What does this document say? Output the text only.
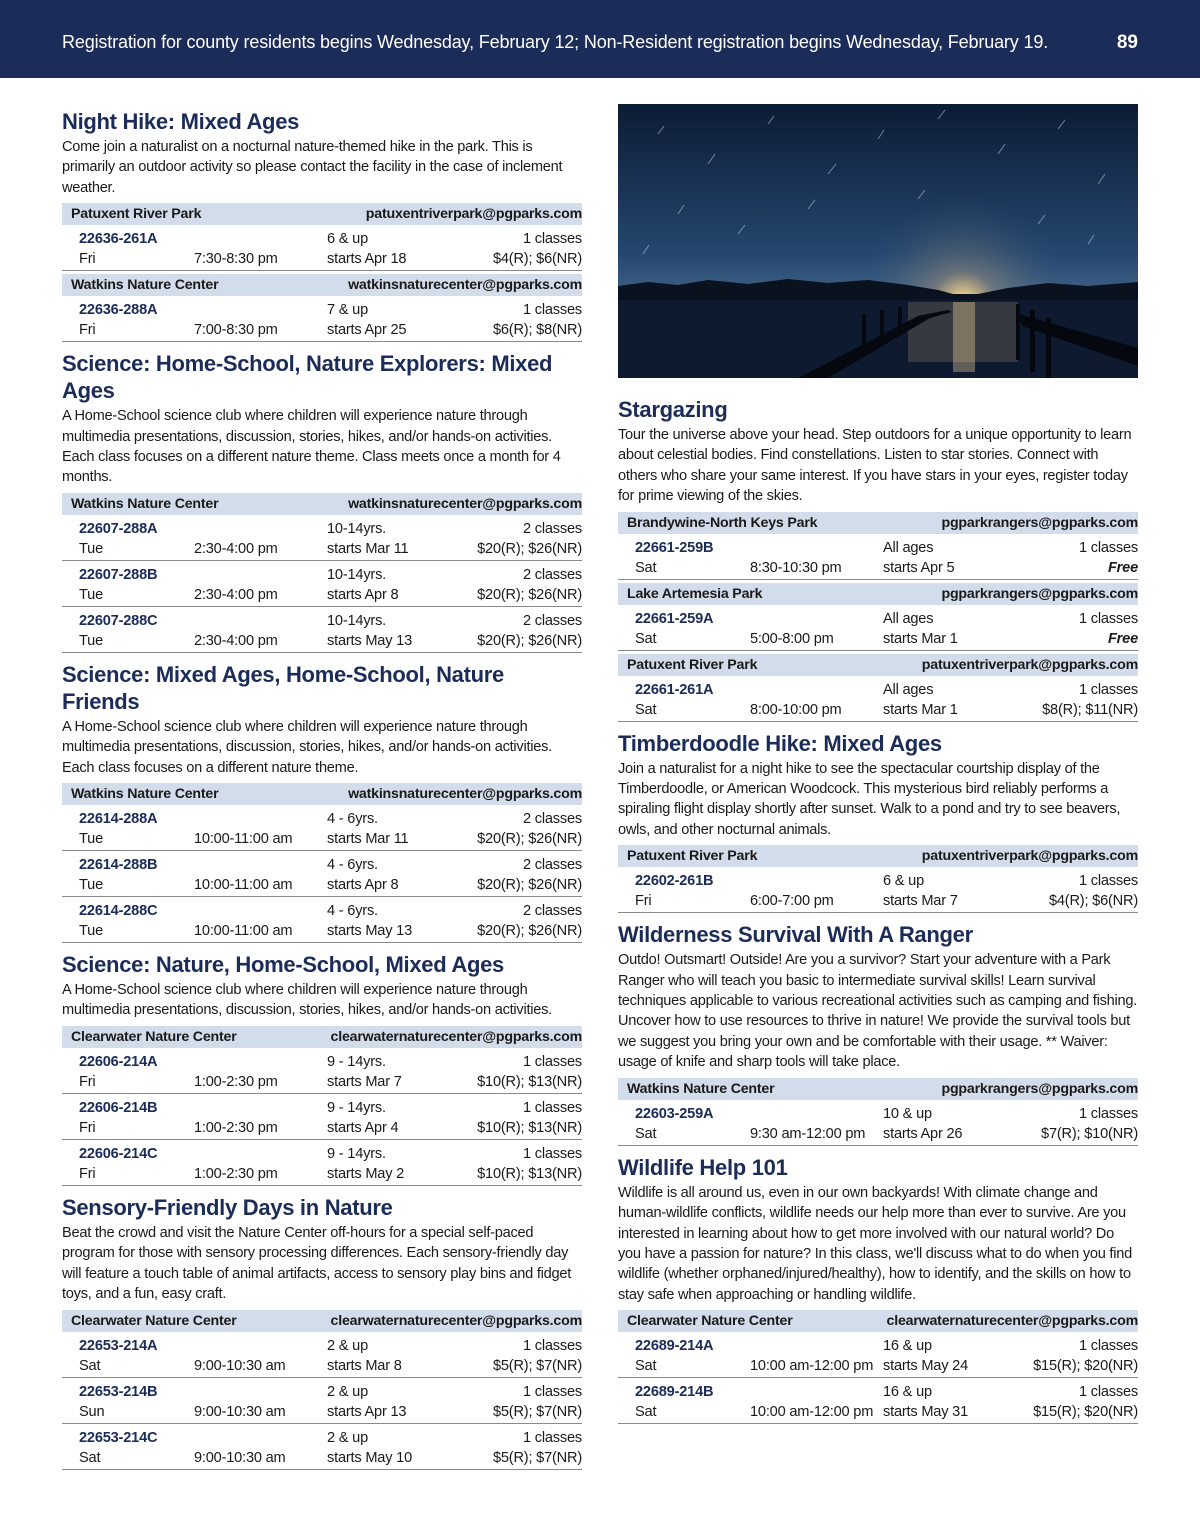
Registration for county residents begins Wednesday, February 12; Non-Resident registration begins Wednesday, February 19.	89
Night Hike: Mixed Ages
Come join a naturalist on a nocturnal nature-themed hike in the park. This is primarily an outdoor activity so please contact the facility in the case of inclement weather.
Patuxent River Park	patuxentriverpark@pgparks.com
22636-261A	6 & up	1 classes
Fri	7:30-8:30 pm	starts Apr 18	$4(R); $6(NR)
Watkins Nature Center	watkinsnaturecenter@pgparks.com
22636-288A	7 & up	1 classes
Fri	7:00-8:30 pm	starts Apr 25	$6(R); $8(NR)
Science: Home-School, Nature Explorers: Mixed Ages
A Home-School science club where children will experience nature through multimedia presentations, discussion, stories, hikes, and/or hands-on activities. Each class focuses on a different nature theme. Class meets once a month for 4 months.
Watkins Nature Center	watkinsnaturecenter@pgparks.com
22607-288A	10-14yrs.	2 classes
Tue	2:30-4:00 pm	starts Mar 11	$20(R); $26(NR)
22607-288B	10-14yrs.	2 classes
Tue	2:30-4:00 pm	starts Apr 8	$20(R); $26(NR)
22607-288C	10-14yrs.	2 classes
Tue	2:30-4:00 pm	starts May 13	$20(R); $26(NR)
Science: Mixed Ages, Home-School, Nature Friends
A Home-School science club where children will experience nature through multimedia presentations, discussion, stories, hikes, and/or hands-on activities. Each class focuses on a different nature theme.
Watkins Nature Center	watkinsnaturecenter@pgparks.com
22614-288A	4 - 6yrs.	2 classes
Tue	10:00-11:00 am	starts Mar 11	$20(R); $26(NR)
22614-288B	4 - 6yrs.	2 classes
Tue	10:00-11:00 am	starts Apr 8	$20(R); $26(NR)
22614-288C	4 - 6yrs.	2 classes
Tue	10:00-11:00 am	starts May 13	$20(R); $26(NR)
Science: Nature, Home-School, Mixed Ages
A Home-School science club where children will experience nature through multimedia presentations, discussion, stories, hikes, and/or hands-on activities.
Clearwater Nature Center	clearwaternaturecenter@pgparks.com
22606-214A	9 - 14yrs.	1 classes
Fri	1:00-2:30 pm	starts Mar 7	$10(R); $13(NR)
22606-214B	9 - 14yrs.	1 classes
Fri	1:00-2:30 pm	starts Apr 4	$10(R); $13(NR)
22606-214C	9 - 14yrs.	1 classes
Fri	1:00-2:30 pm	starts May 2	$10(R); $13(NR)
Sensory-Friendly Days in Nature
Beat the crowd and visit the Nature Center off-hours for a special self-paced program for those with sensory processing differences. Each sensory-friendly day will feature a touch table of animal artifacts, access to sensory play bins and fidget toys, and a fun, easy craft.
Clearwater Nature Center	clearwaternaturecenter@pgparks.com
22653-214A	2 & up	1 classes
Sat	9:00-10:30 am	starts Mar 8	$5(R); $7(NR)
22653-214B	2 & up	1 classes
Sun	9:00-10:30 am	starts Apr 13	$5(R); $7(NR)
22653-214C	2 & up	1 classes
Sat	9:00-10:30 am	starts May 10	$5(R); $7(NR)
Stargazing
Tour the universe above your head. Step outdoors for a unique opportunity to learn about celestial bodies. Find constellations. Listen to star stories. Connect with others who share your same interest. If you have stars in your eyes, register today for prime viewing of the skies.
Brandywine-North Keys Park	pgparkrangers@pgparks.com
22661-259B	All ages	1 classes
Sat	8:30-10:30 pm	starts Apr 5	Free
Lake Artemesia Park	pgparkrangers@pgparks.com
22661-259A	All ages	1 classes
Sat	5:00-8:00 pm	starts Mar 1	Free
Patuxent River Park	patuxentriverpark@pgparks.com
22661-261A	All ages	1 classes
Sat	8:00-10:00 pm	starts Mar 1	$8(R); $11(NR)
Timberdoodle Hike: Mixed Ages
Join a naturalist for a night hike to see the spectacular courtship display of the Timberdoodle, or American Woodcock. This mysterious bird reliably performs a spiraling flight display shortly after sunset. Walk to a pond and try to see beavers, owls, and other nocturnal animals.
Patuxent River Park	patuxentriverpark@pgparks.com
22602-261B	6 & up	1 classes
Fri	6:00-7:00 pm	starts Mar 7	$4(R); $6(NR)
Wilderness Survival With A Ranger
Outdo! Outsmart! Outside! Are you a survivor? Start your adventure with a Park Ranger who will teach you basic to intermediate survival skills! Learn survival techniques applicable to various recreational activities such as camping and fishing. Uncover how to use resources to thrive in nature! We provide the survival tools but we suggest you bring your own and be comfortable with their usage. ** Waiver: usage of knife and sharp tools will take place.
Watkins Nature Center	pgparkrangers@pgparks.com
22603-259A	10 & up	1 classes
Sat	9:30 am-12:00 pm	starts Apr 26	$7(R); $10(NR)
Wildlife Help 101
Wildlife is all around us, even in our own backyards! With climate change and human-wildlife conflicts, wildlife needs our help more than ever to survive. Are you interested in learning about how to get more involved with our natural world? Do you have a passion for nature? In this class, we'll discuss what to do when you find wildlife (whether orphaned/injured/healthy), how to identify, and the skills on how to stay safe when approaching or handling wildlife.
Clearwater Nature Center	clearwaternaturecenter@pgparks.com
22689-214A	16 & up	1 classes
Sat	10:00 am-12:00 pm starts May 24	$15(R); $20(NR)
22689-214B	16 & up	1 classes
Sat	10:00 am-12:00 pm starts May 31	$15(R); $20(NR)
